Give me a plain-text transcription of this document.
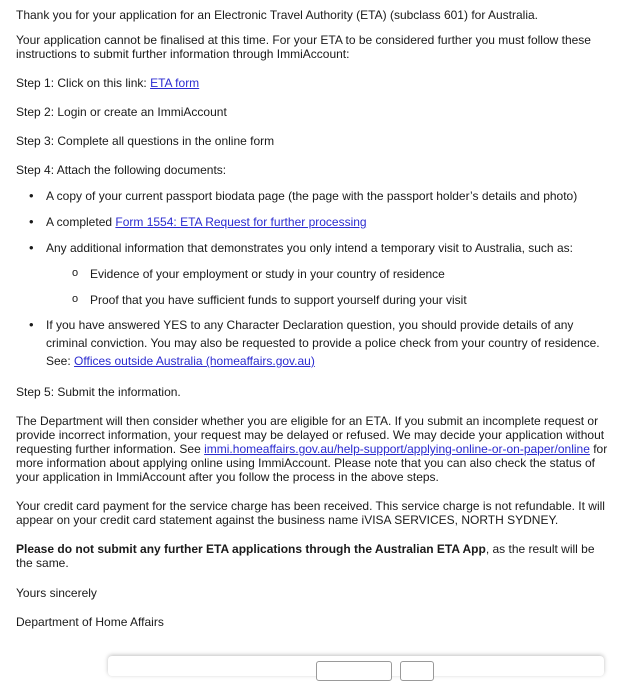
Thank you for your application for an Electronic Travel Authority (ETA) (subclass 601) for Australia.

Your application cannot be finalised at this time. For your ETA to be considered further you must follow these instructions to submit further information through ImmiAccount:

Step 1: Click on this link: ETA form

Step 2: Login or create an ImmiAccount

Step 3: Complete all questions in the online form

Step 4: Attach the following documents:

• A copy of your current passport biodata page (the page with the passport holder’s details and photo)
• A completed Form 1554: ETA Request for further processing
• Any additional information that demonstrates you only intend a temporary visit to Australia, such as:
o Evidence of your employment or study in your country of residence
o Proof that you have sufficient funds to support yourself during your visit
• If you have answered YES to any Character Declaration question, you should provide details of any criminal conviction. You may also be requested to provide a police check from your country of residence. See: Offices outside Australia (homeaffairs.gov.au)

Step 5: Submit the information.

The Department will then consider whether you are eligible for an ETA. If you submit an incomplete request or provide incorrect information, your request may be delayed or refused. We may decide your application without requesting further information. See immi.homeaffairs.gov.au/help-support/applying-online-or-on-paper/online for more information about applying online using ImmiAccount. Please note that you can also check the status of your application in ImmiAccount after you follow the process in the above steps.

Your credit card payment for the service charge has been received. This service charge is not refundable. It will appear on your credit card statement against the business name iVISA SERVICES, NORTH SYDNEY.

Please do not submit any further ETA applications through the Australian ETA App, as the result will be the same.

Yours sincerely

Department of Home Affairs
